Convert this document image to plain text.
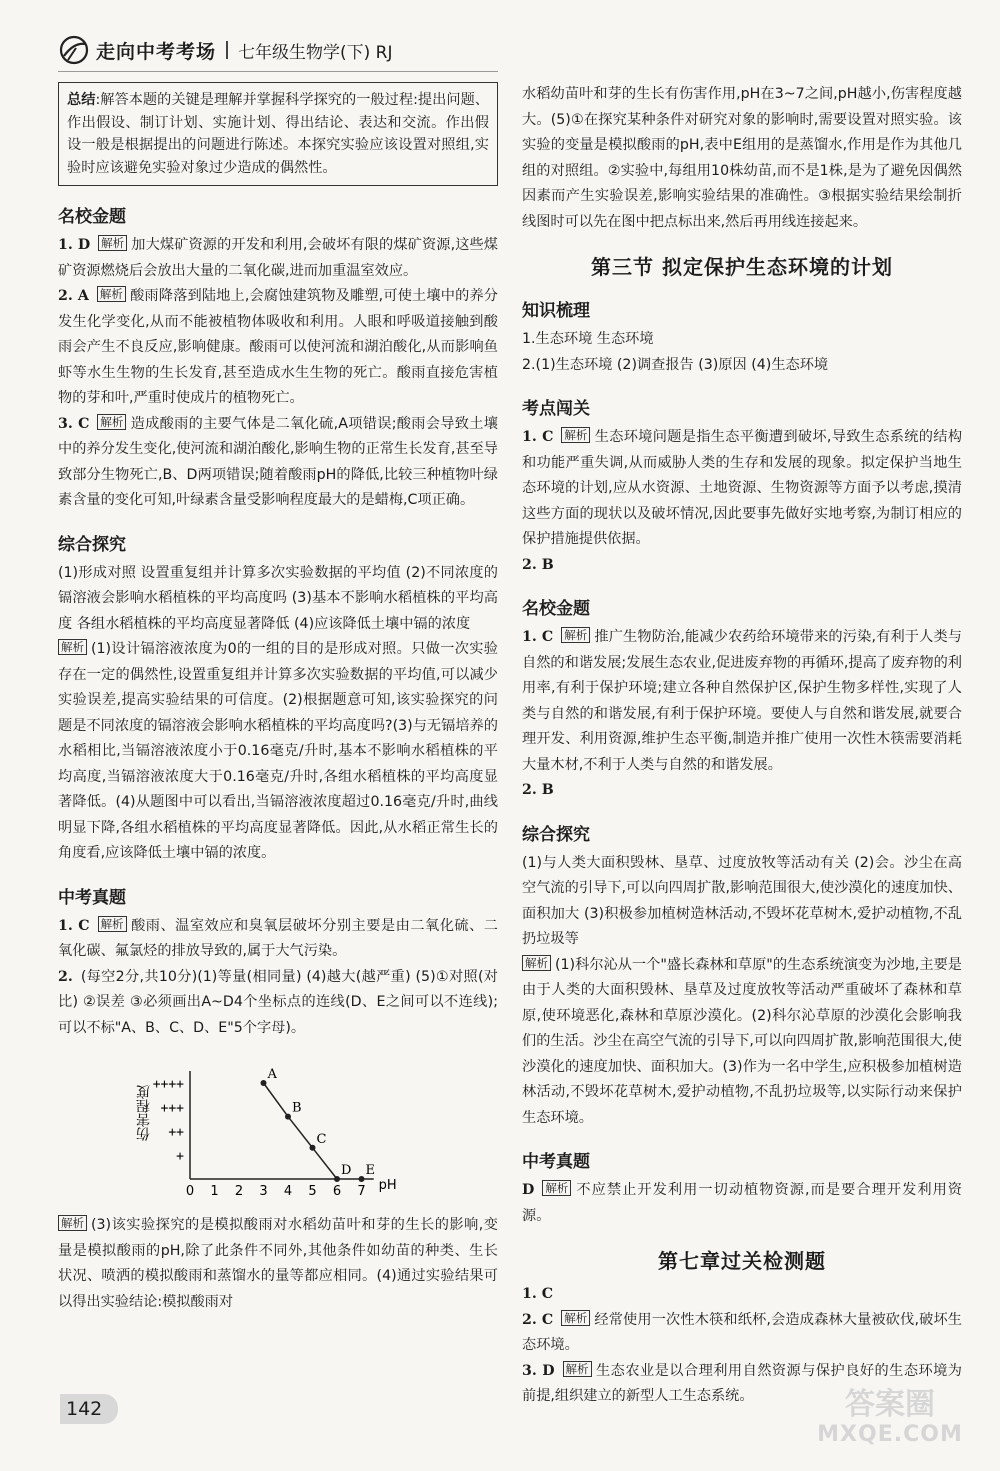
走向中考考场 七年级生物学(下) RJ
总结:解答本题的关键是理解并掌握科学探究的一般过程:提出问题、作出假设、制订计划、实施计划、得出结论、表达和交流。作出假设一般是根据提出的问题进行陈述。本探究实验应该设置对照组,实验时应该避免实验对象过少造成的偶然性。
名校金题
1. D 解析 加大煤矿资源的开发和利用,会破坏有限的煤矿资源,这些煤矿资源燃烧后会放出大量的二氧化碳,进而加重温室效应。
2. A 解析 酸雨降落到陆地上,会腐蚀建筑物及雕塑,可使土壤中的养分发生化学变化,从而不能被植物体吸收和利用。人眼和呼吸道接触到酸雨会产生不良反应,影响健康。酸雨可以使河流和湖泊酸化,从而影响鱼虾等水生生物的生长发育,甚至造成水生生物的死亡。酸雨直接危害植物的芽和叶,严重时使成片的植物死亡。
3. C 解析 造成酸雨的主要气体是二氧化硫,A项错误;酸雨会导致土壤中的养分发生变化,使河流和湖泊酸化,影响生物的正常生长发育,甚至导致部分生物死亡,B、D两项错误;随着酸雨pH的降低,比较三种植物叶绿素含量的变化可知,叶绿素含量受影响程度最大的是蜡梅,C项正确。
综合探究
(1)形成对照 设置重复组并计算多次实验数据的平均值 (2)不同浓度的镉溶液会影响水稻植株的平均高度吗 (3)基本不影响水稻植株的平均高度 各组水稻植株的平均高度显著降低 (4)应该降低土壤中镉的浓度
解析 (1)设计镉溶液浓度为0的一组的目的是形成对照。只做一次实验存在一定的偶然性,设置重复组并计算多次实验数据的平均值,可以减少实验误差,提高实验结果的可信度。(2)根据题意可知,该实验探究的问题是不同浓度的镉溶液会影响水稻植株的平均高度吗?(3)与无镉培养的水稻相比,当镉溶液浓度小于0.16毫克/升时,基本不影响水稻植株的平均高度,当镉溶液浓度大于0.16毫克/升时,各组水稻植株的平均高度显著降低。(4)从题图中可以看出,当镉溶液浓度超过0.16毫克/升时,曲线明显下降,各组水稻植株的平均高度显著降低。因此,从水稻正常生长的角度看,应该降低土壤中镉的浓度。
中考真题
1. C 解析 酸雨、温室效应和臭氧层破坏分别主要是由二氧化硫、二氧化碳、氟氯烃的排放导致的,属于大气污染。
2. (每空2分,共10分)(1)等量(相同量) (4)越大(越严重) (5)①对照(对比) ②误差 ③必须画出A~D4个坐标点的连线(D、E之间可以不连线);可以不标"A、B、C、D、E"5个字母)。
0 1 2 3 4 5 6 7 pH
+
++
+++
++++
伤害程度
A
B
C
D E
解析 (3)该实验探究的是模拟酸雨对水稻幼苗叶和芽的生长的影响,变量是模拟酸雨的pH,除了此条件不同外,其他条件如幼苗的种类、生长状况、喷洒的模拟酸雨和蒸馏水的量等都应相同。(4)通过实验结果可以得出实验结论:模拟酸雨对
水稻幼苗叶和芽的生长有伤害作用,pH在3~7之间,pH越小,伤害程度越大。(5)①在探究某种条件对研究对象的影响时,需要设置对照实验。该实验的变量是模拟酸雨的pH,表中E组用的是蒸馏水,作用是作为其他几组的对照组。②实验中,每组用10株幼苗,而不是1株,是为了避免因偶然因素而产生实验误差,影响实验结果的准确性。③根据实验结果绘制折线图时可以先在图中把点标出来,然后再用线连接起来。
第三节 拟定保护生态环境的计划
知识梳理
1.生态环境 生态环境
2.(1)生态环境 (2)调查报告 (3)原因 (4)生态环境
考点闯关
1. C 解析 生态环境问题是指生态平衡遭到破坏,导致生态系统的结构和功能严重失调,从而威胁人类的生存和发展的现象。拟定保护当地生态环境的计划,应从水资源、土地资源、生物资源等方面予以考虑,摸清这些方面的现状以及破坏情况,因此要事先做好实地考察,为制订相应的保护措施提供依据。
2. B
名校金题
1. C 解析 推广生物防治,能减少农药给环境带来的污染,有利于人类与自然的和谐发展;发展生态农业,促进废弃物的再循环,提高了废弃物的利用率,有利于保护环境;建立各种自然保护区,保护生物多样性,实现了人类与自然的和谐发展,有利于保护环境。要使人与自然和谐发展,就要合理开发、利用资源,维护生态平衡,制造并推广使用一次性木筷需要消耗大量木材,不利于人类与自然的和谐发展。
2. B
综合探究
(1)与人类大面积毁林、垦草、过度放牧等活动有关 (2)会。沙尘在高空气流的引导下,可以向四周扩散,影响范围很大,使沙漠化的速度加快、面积加大 (3)积极参加植树造林活动,不毁坏花草树木,爱护动植物,不乱扔垃圾等
解析 (1)科尔沁从一个"盛长森林和草原"的生态系统演变为沙地,主要是由于人类的大面积毁林、垦草及过度放牧等活动严重破坏了森林和草原,使环境恶化,森林和草原沙漠化。(2)科尔沁草原的沙漠化会影响我们的生活。沙尘在高空气流的引导下,可以向四周扩散,影响范围很大,使沙漠化的速度加快、面积加大。(3)作为一名中学生,应积极参加植树造林活动,不毁坏花草树木,爱护动植物,不乱扔垃圾等,以实际行动来保护生态环境。
中考真题
D 解析 不应禁止开发利用一切动植物资源,而是要合理开发利用资源。
第七章过关检测题
1. C
2. C 解析 经常使用一次性木筷和纸杯,会造成森林大量被砍伐,破坏生态环境。
3. D 解析 生态农业是以合理利用自然资源与保护良好的生态环境为前提,组织建立的新型人工生态系统。
142	答案圈
MXQE.COM
